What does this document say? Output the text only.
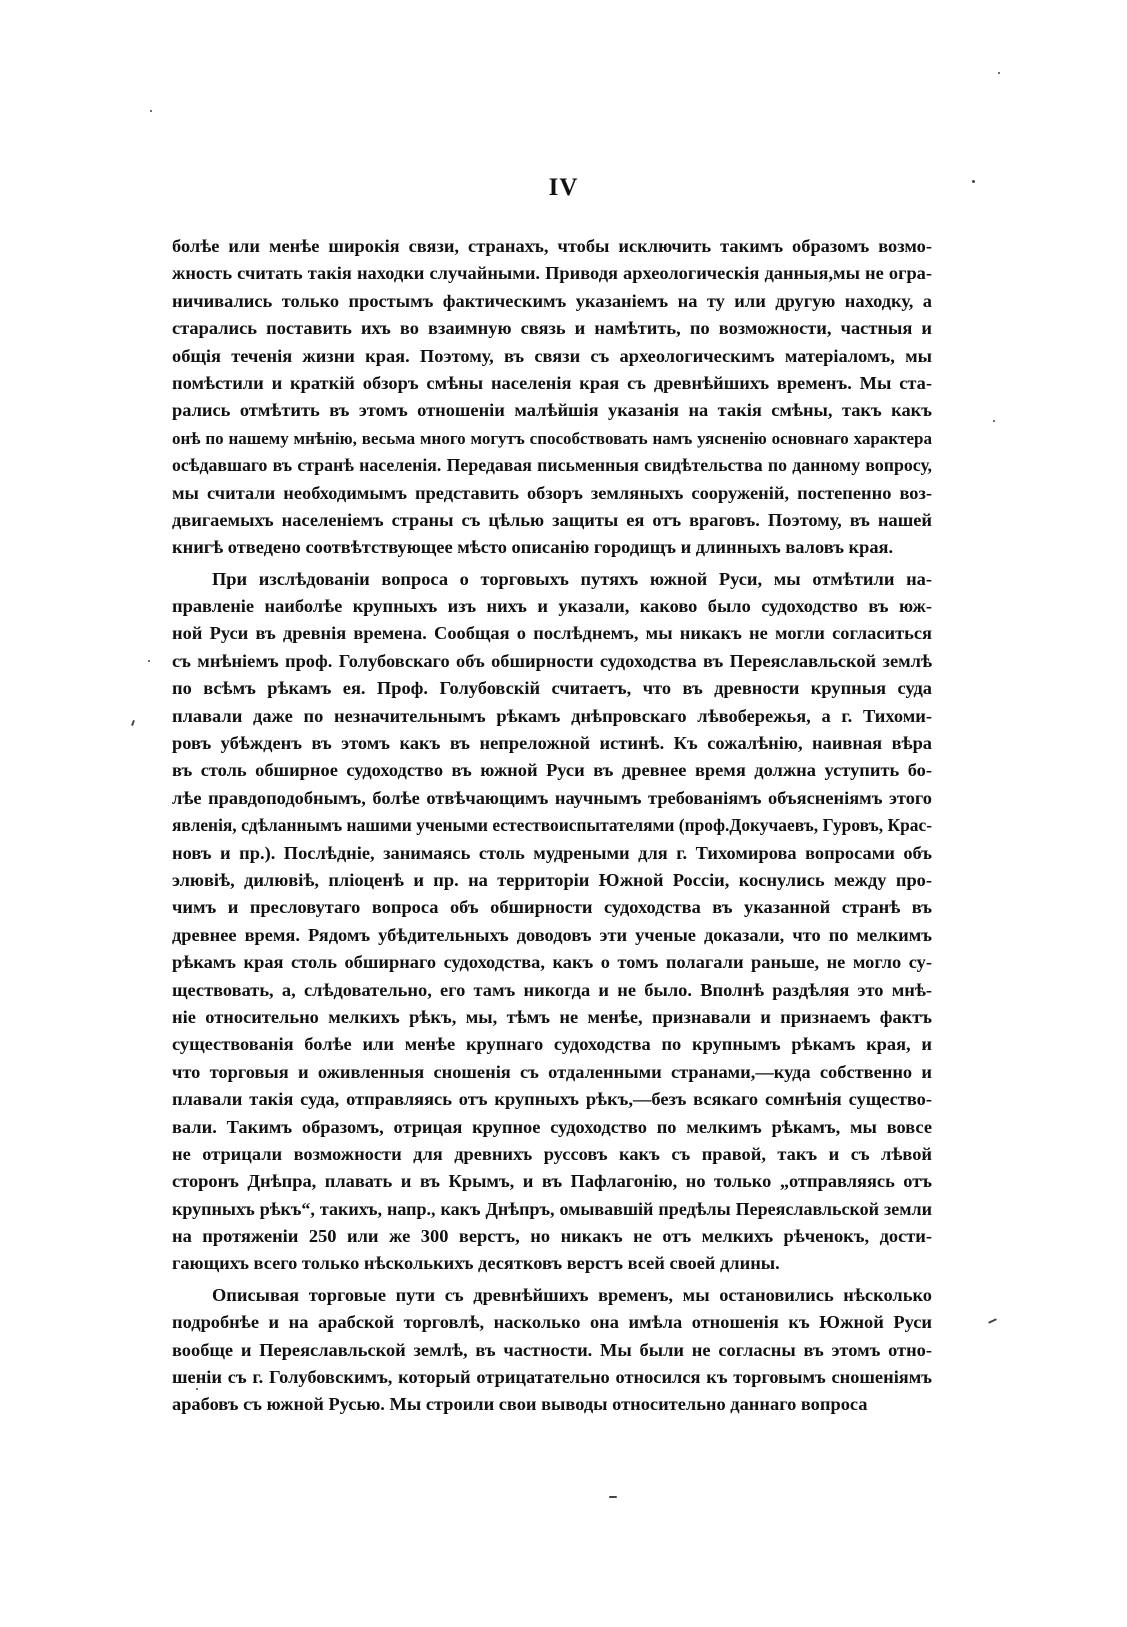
IV
болѣе или менѣе широкія связи, странахъ, чтобы исключить такимъ образомъ возмо-
жность считать такія находки случайными. Приводя археологическія данныя,мы не огра-
ничивались только простымъ фактическимъ указаніемъ на ту или другую находку, а
старались поставить ихъ во взаимную связь и намѣтить, по возможности, частныя и
общія теченія жизни края. Поэтому, въ связи съ археологическимъ матеріаломъ, мы
помѣстили и краткій обзоръ смѣны населенія края съ древнѣйшихъ временъ. Мы ста-
рались отмѣтить въ этомъ отношеніи малѣйшія указанія на такія смѣны, такъ какъ
онѣ по нашему мнѣнію, весьма много могутъ способствовать намъ уясненію основнаго характера
осѣдавшаго въ странѣ населенія. Передавая письменныя свидѣтельства по данному вопросу,
мы считали необходимымъ представить обзоръ земляныхъ сооруженій, постепенно воз-
двигаемыхъ населеніемъ страны съ цѣлью защиты ея отъ враговъ. Поэтому, въ нашей
книгѣ отведено соотвѣтствующее мѣсто описанію городищъ и длинныхъ валовъ края.
При изслѣдованіи вопроса о торговыхъ путяхъ южной Руси, мы отмѣтили на-
правленіе наиболѣе крупныхъ изъ нихъ и указали, каково было судоходство въ юж-
ной Руси въ древнія времена. Сообщая о послѣднемъ, мы никакъ не могли согласиться
съ мнѣніемъ проф. Голубовскаго объ обширности судоходства въ Переяславльской землѣ
по всѣмъ рѣкамъ ея. Проф. Голубовскій считаетъ, что въ древности крупныя суда
плавали даже по незначительнымъ рѣкамъ днѣпровскаго лѣвобережья, а г. Тихоми-
ровъ убѣжденъ въ этомъ какъ въ непреложной истинѣ. Къ сожалѣнію, наивная вѣра
въ столь обширное судоходство въ южной Руси въ древнее время должна уступить бо-
лѣе правдоподобнымъ, болѣе отвѣчающимъ научнымъ требованіямъ объясненіямъ этого
явленія, сдѣланнымъ нашими учеными естествоиспытателями (проф.Докучаевъ, Гуровъ, Крас-
новъ и пр.). Послѣдніе, занимаясь столь мудреными для г. Тихомирова вопросами объ
элювіѣ, дилювіѣ, пліоценѣ и пр. на территоріи Южной Россіи, коснулись между про-
чимъ и пресловутаго вопроса объ обширности судоходства въ указанной странѣ въ
древнее время. Рядомъ убѣдительныхъ доводовъ эти ученые доказали, что по мелкимъ
рѣкамъ края столь обширнаго судоходства, какъ о томъ полагали раньше, не могло су-
ществовать, а, слѣдовательно, его тамъ никогда и не было. Вполнѣ раздѣляя это мнѣ-
ніе относительно мелкихъ рѣкъ, мы, тѣмъ не менѣе, признавали и признаемъ фактъ
существованія болѣе или менѣе крупнаго судоходства по крупнымъ рѣкамъ края, и
что торговыя и оживленныя сношенія съ отдаленными странами,—куда собственно и
плавали такія суда, отправляясь отъ крупныхъ рѣкъ,—безъ всякаго сомнѣнія существо-
вали. Такимъ образомъ, отрицая крупное судоходство по мелкимъ рѣкамъ, мы вовсе
не отрицали возможности для древнихъ руссовъ какъ съ правой, такъ и съ лѣвой
сторонъ Днѣпра, плавать и въ Крымъ, и въ Пафлагонію, но только „отправляясь отъ
крупныхъ рѣкъ“, такихъ, напр., какъ Днѣпръ, омывавшій предѣлы Переяславльской земли
на протяженіи 250 или же 300 верстъ, но никакъ не отъ мелкихъ рѣченокъ, дости-
гающихъ всего только нѣсколькихъ десятковъ верстъ всей своей длины.
Описывая торговые пути съ древнѣйшихъ временъ, мы остановились нѣсколько
подробнѣе и на арабской торговлѣ, насколько она имѣла отношенія къ Южной Руси
вообще и Переяславльской землѣ, въ частности. Мы были не согласны въ этомъ отно-
шеніи съ г. Голубовскимъ, который отрицатательно относился къ торговымъ сношеніямъ
арабовъ съ южной Русью. Мы строили свои выводы относительно даннаго вопроса
